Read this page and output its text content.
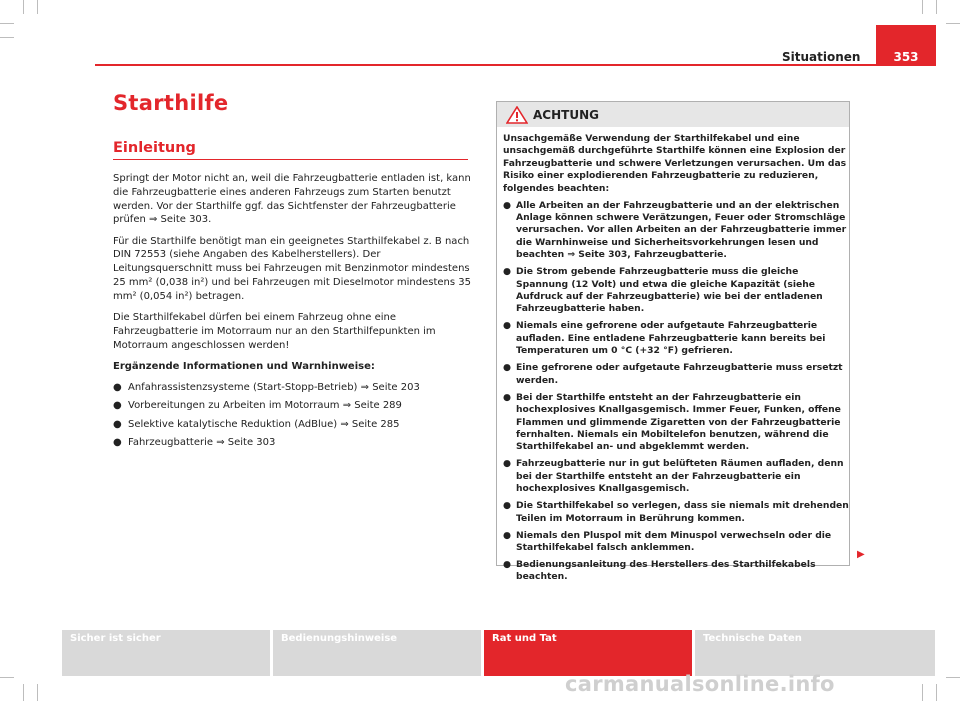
Situationen	353
Starthilfe
Einleitung

Springt der Motor nicht an, weil die Fahrzeugbatterie entladen ist, kann die Fahrzeugbatterie eines anderen Fahrzeugs zum Starten benutzt werden. Vor der Starthilfe ggf. das Sichtfenster der Fahrzeugbatterie prüfen ⇒ Seite 303.

Für die Starthilfe benötigt man ein geeignetes Starthilfekabel z. B nach DIN 72553 (siehe Angaben des Kabelherstellers). Der Leitungsquerschnitt muss bei Fahrzeugen mit Benzinmotor mindestens 25 mm² (0,038 in²) und bei Fahrzeugen mit Dieselmotor mindestens 35 mm² (0,054 in²) betragen.

Die Starthilfekabel dürfen bei einem Fahrzeug ohne eine Fahrzeugbatterie im Motorraum nur an den Starthilfepunkten im Motorraum angeschlossen werden!

Ergänzende Informationen und Warnhinweise:

● Anfahrassistenzsysteme (Start-Stopp-Betrieb) ⇒ Seite 203
● Vorbereitungen zu Arbeiten im Motorraum ⇒ Seite 289
● Selektive katalytische Reduktion (AdBlue) ⇒ Seite 285
● Fahrzeugbatterie ⇒ Seite 303
ACHTUNG

Unsachgemäße Verwendung der Starthilfekabel und eine unsachgemäß durchgeführte Starthilfe können eine Explosion der Fahrzeugbatterie und schwere Verletzungen verursachen. Um das Risiko einer explodierenden Fahrzeugbatterie zu reduzieren, folgendes beachten:

● Alle Arbeiten an der Fahrzeugbatterie und an der elektrischen Anlage können schwere Verätzungen, Feuer oder Stromschläge verursachen. Vor allen Arbeiten an der Fahrzeugbatterie immer die Warnhinweise und Sicherheitsvorkehrungen lesen und beachten ⇒ Seite 303, Fahrzeugbatterie.

● Die Strom gebende Fahrzeugbatterie muss die gleiche Spannung (12 Volt) und etwa die gleiche Kapazität (siehe Aufdruck auf der Fahrzeugbatterie) wie bei der entladenen Fahrzeugbatterie haben.

● Niemals eine gefrorene oder aufgetaute Fahrzeugbatterie aufladen. Eine entladene Fahrzeugbatterie kann bereits bei Temperaturen um 0 °C (+32 °F) gefrieren.

● Eine gefrorene oder aufgetaute Fahrzeugbatterie muss ersetzt werden.

● Bei der Starthilfe entsteht an der Fahrzeugbatterie ein hochexplosives Knallgasgemisch. Immer Feuer, Funken, offene Flammen und glimmende Zigaretten von der Fahrzeugbatterie fernhalten. Niemals ein Mobiltelefon benutzen, während die Starthilfekabel an- und abgeklemmt werden.

● Fahrzeugbatterie nur in gut belüfteten Räumen aufladen, denn bei der Starthilfe entsteht an der Fahrzeugbatterie ein hochexplosives Knallgasgemisch.

● Die Starthilfekabel so verlegen, dass sie niemals mit drehenden Teilen im Motorraum in Berührung kommen.

● Niemals den Pluspol mit dem Minuspol verwechseln oder die Starthilfekabel falsch anklemmen.

● Bedienungsanleitung des Herstellers des Starthilfekabels beachten.

▶
Sicher ist sicher	Bedienungshinweise	Rat und Tat	Technische Daten
carmanualsonline.info
